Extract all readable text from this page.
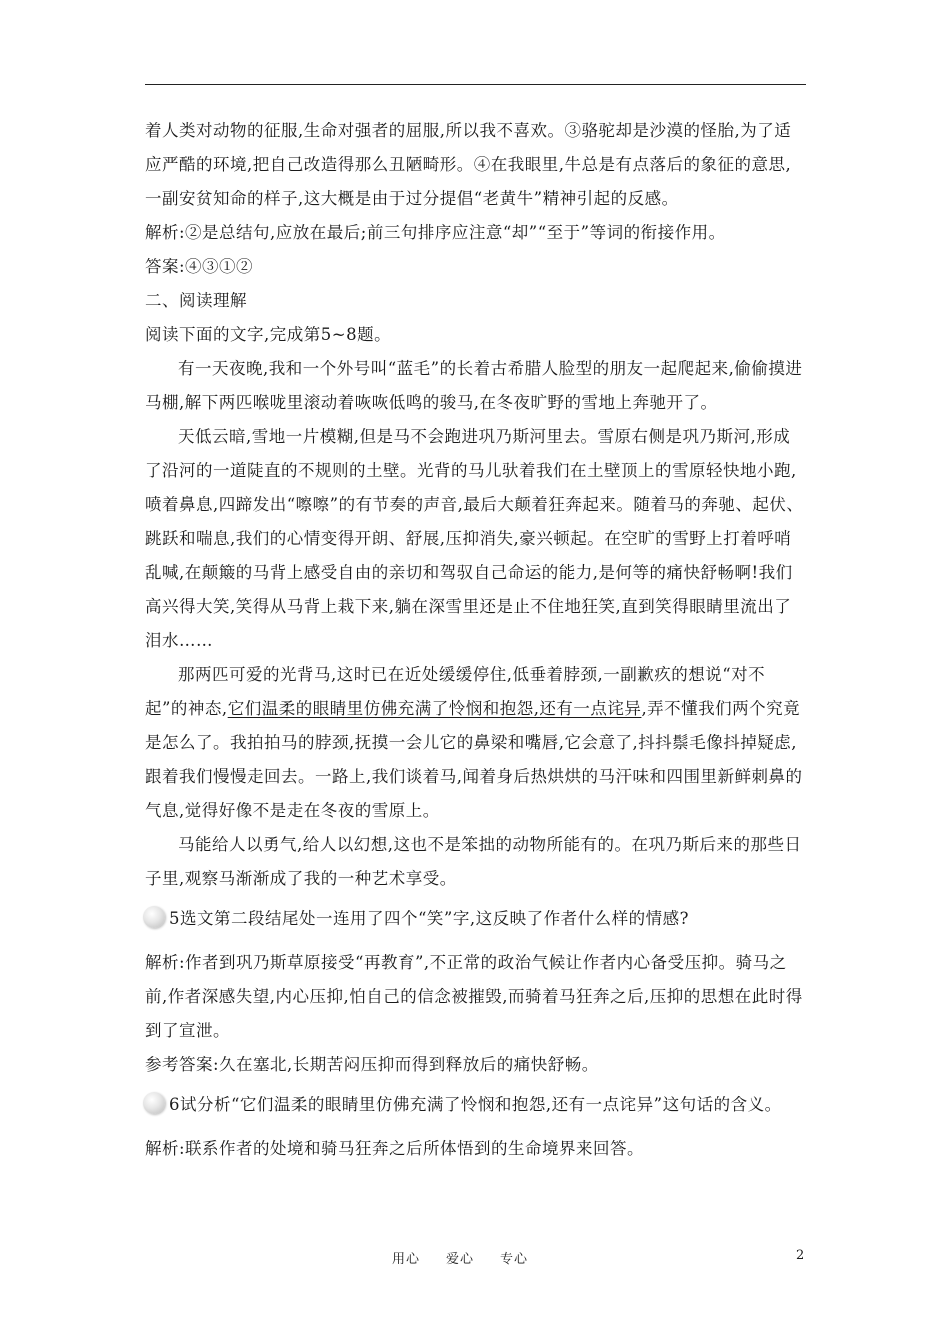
着人类对动物的征服,生命对强者的屈服,所以我不喜欢。③骆驼却是沙漠的怪胎,为了适应严酷的环境,把自己改造得那么丑陋畸形。④在我眼里,牛总是有点落后的象征的意思,一副安贫知命的样子,这大概是由于过分提倡“老黄牛”精神引起的反感。

解析:②是总结句,应放在最后;前三句排序应注意“却”“至于”等词的衔接作用。

答案:④③①②

二、阅读理解

阅读下面的文字,完成第5~8题。

有一天夜晚,我和一个外号叫“蓝毛”的长着古希腊人脸型的朋友一起爬起来,偷偷摸进马棚,解下两匹喉咙里滚动着咴咴低鸣的骏马,在冬夜旷野的雪地上奔驰开了。

天低云暗,雪地一片模糊,但是马不会跑进巩乃斯河里去。雪原右侧是巩乃斯河,形成了沿河的一道陡直的不规则的土壁。光背的马儿驮着我们在土壁顶上的雪原轻快地小跑,喷着鼻息,四蹄发出“嚓嚓”的有节奏的声音,最后大颠着狂奔起来。随着马的奔驰、起伏、跳跃和喘息,我们的心情变得开朗、舒展,压抑消失,豪兴顿起。在空旷的雪野上打着呼哨乱喊,在颠簸的马背上感受自由的亲切和驾驭自己命运的能力,是何等的痛快舒畅啊!我们高兴得大笑,笑得从马背上栽下来,躺在深雪里还是止不住地狂笑,直到笑得眼睛里流出了泪水……

那两匹可爱的光背马,这时已在近处缓缓停住,低垂着脖颈,一副歉疚的想说“对不起”的神态,它们温柔的眼睛里仿佛充满了怜悯和抱怨,还有一点诧异,弄不懂我们两个究竟是怎么了。我拍拍马的脖颈,抚摸一会儿它的鼻梁和嘴唇,它会意了,抖抖鬃毛像抖掉疑虑,跟着我们慢慢走回去。一路上,我们谈着马,闻着身后热烘烘的马汗味和四围里新鲜刺鼻的气息,觉得好像不是走在冬夜的雪原上。

马能给人以勇气,给人以幻想,这也不是笨拙的动物所能有的。在巩乃斯后来的那些日子里,观察马渐渐成了我的一种艺术享受。

5选文第二段结尾处一连用了四个“笑”字,这反映了作者什么样的情感?

解析:作者到巩乃斯草原接受“再教育”,不正常的政治气候让作者内心备受压抑。骑马之前,作者深感失望,内心压抑,怕自己的信念被摧毁,而骑着马狂奔之后,压抑的思想在此时得到了宣泄。

参考答案:久在塞北,长期苦闷压抑而得到释放后的痛快舒畅。

6试分析“它们温柔的眼睛里仿佛充满了怜悯和抱怨,还有一点诧异”这句话的含义。

解析:联系作者的处境和骑马狂奔之后所体悟到的生命境界来回答。

用心 爱心 专心	2
